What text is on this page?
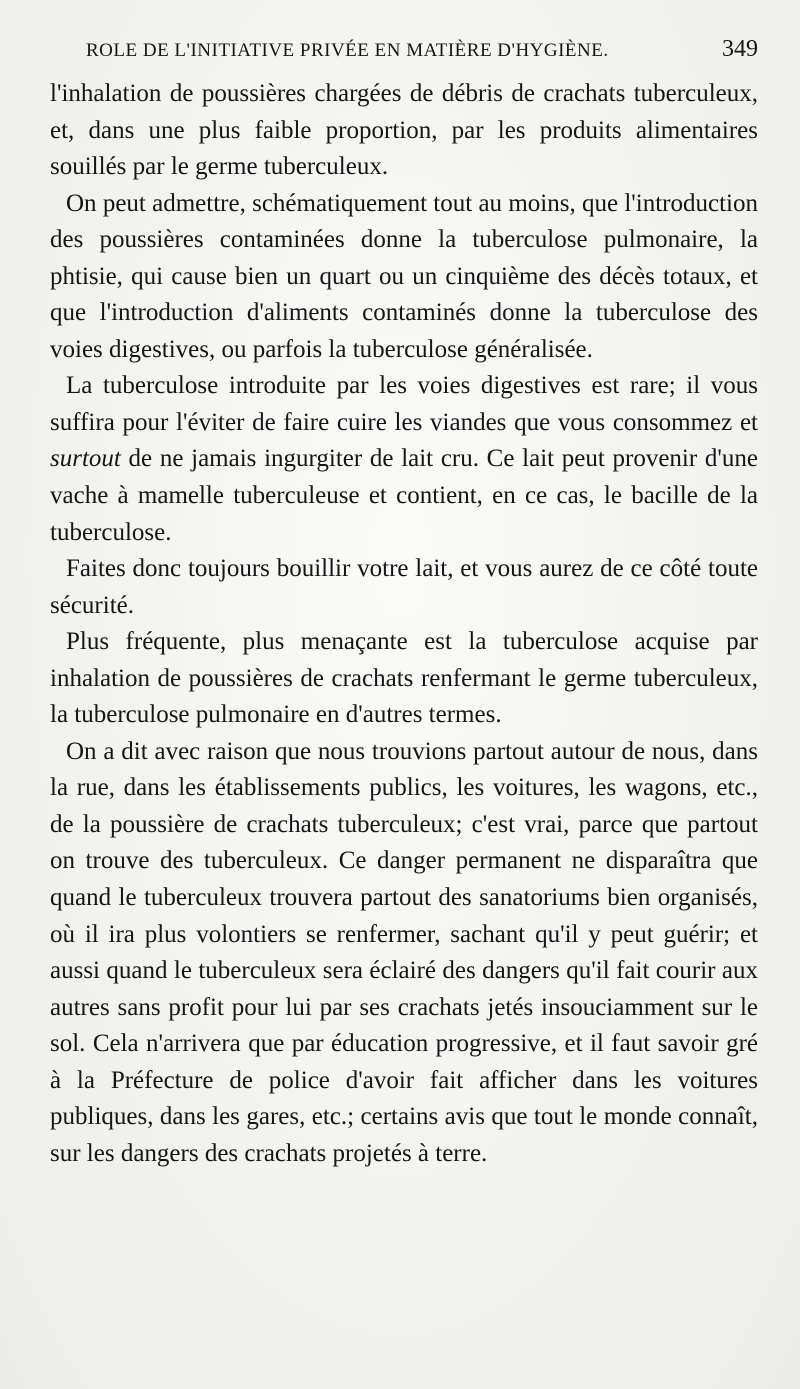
ROLE DE L'INITIATIVE PRIVÉE EN MATIÈRE D'HYGIÈNE.	349

l'inhalation de poussières chargées de débris de crachats tuberculeux, et, dans une plus faible proportion, par les produits alimentaires souillés par le germe tuberculeux.

On peut admettre, schématiquement tout au moins, que l'introduction des poussières contaminées donne la tuberculose pulmonaire, la phtisie, qui cause bien un quart ou un cinquième des décès totaux, et que l'introduction d'aliments contaminés donne la tuberculose des voies digestives, ou parfois la tuberculose généralisée.

La tuberculose introduite par les voies digestives est rare; il vous suffira pour l'éviter de faire cuire les viandes que vous consommez et surtout de ne jamais ingurgiter de lait cru. Ce lait peut provenir d'une vache à mamelle tuberculeuse et contient, en ce cas, le bacille de la tuberculose.

Faites donc toujours bouillir votre lait, et vous aurez de ce côté toute sécurité.

Plus fréquente, plus menaçante est la tuberculose acquise par inhalation de poussières de crachats renfermant le germe tuberculeux, la tuberculose pulmonaire en d'autres termes.

On a dit avec raison que nous trouvions partout autour de nous, dans la rue, dans les établissements publics, les voitures, les wagons, etc., de la poussière de crachats tuberculeux; c'est vrai, parce que partout on trouve des tuberculeux. Ce danger permanent ne disparaîtra que quand le tuberculeux trouvera partout des sanatoriums bien organisés, où il ira plus volontiers se renfermer, sachant qu'il y peut guérir; et aussi quand le tuberculeux sera éclairé des dangers qu'il fait courir aux autres sans profit pour lui par ses crachats jetés insouciamment sur le sol. Cela n'arrivera que par éducation progressive, et il faut savoir gré à la Préfecture de police d'avoir fait afficher dans les voitures publiques, dans les gares, etc.; certains avis que tout le monde connaît, sur les dangers des crachats projetés à terre.
